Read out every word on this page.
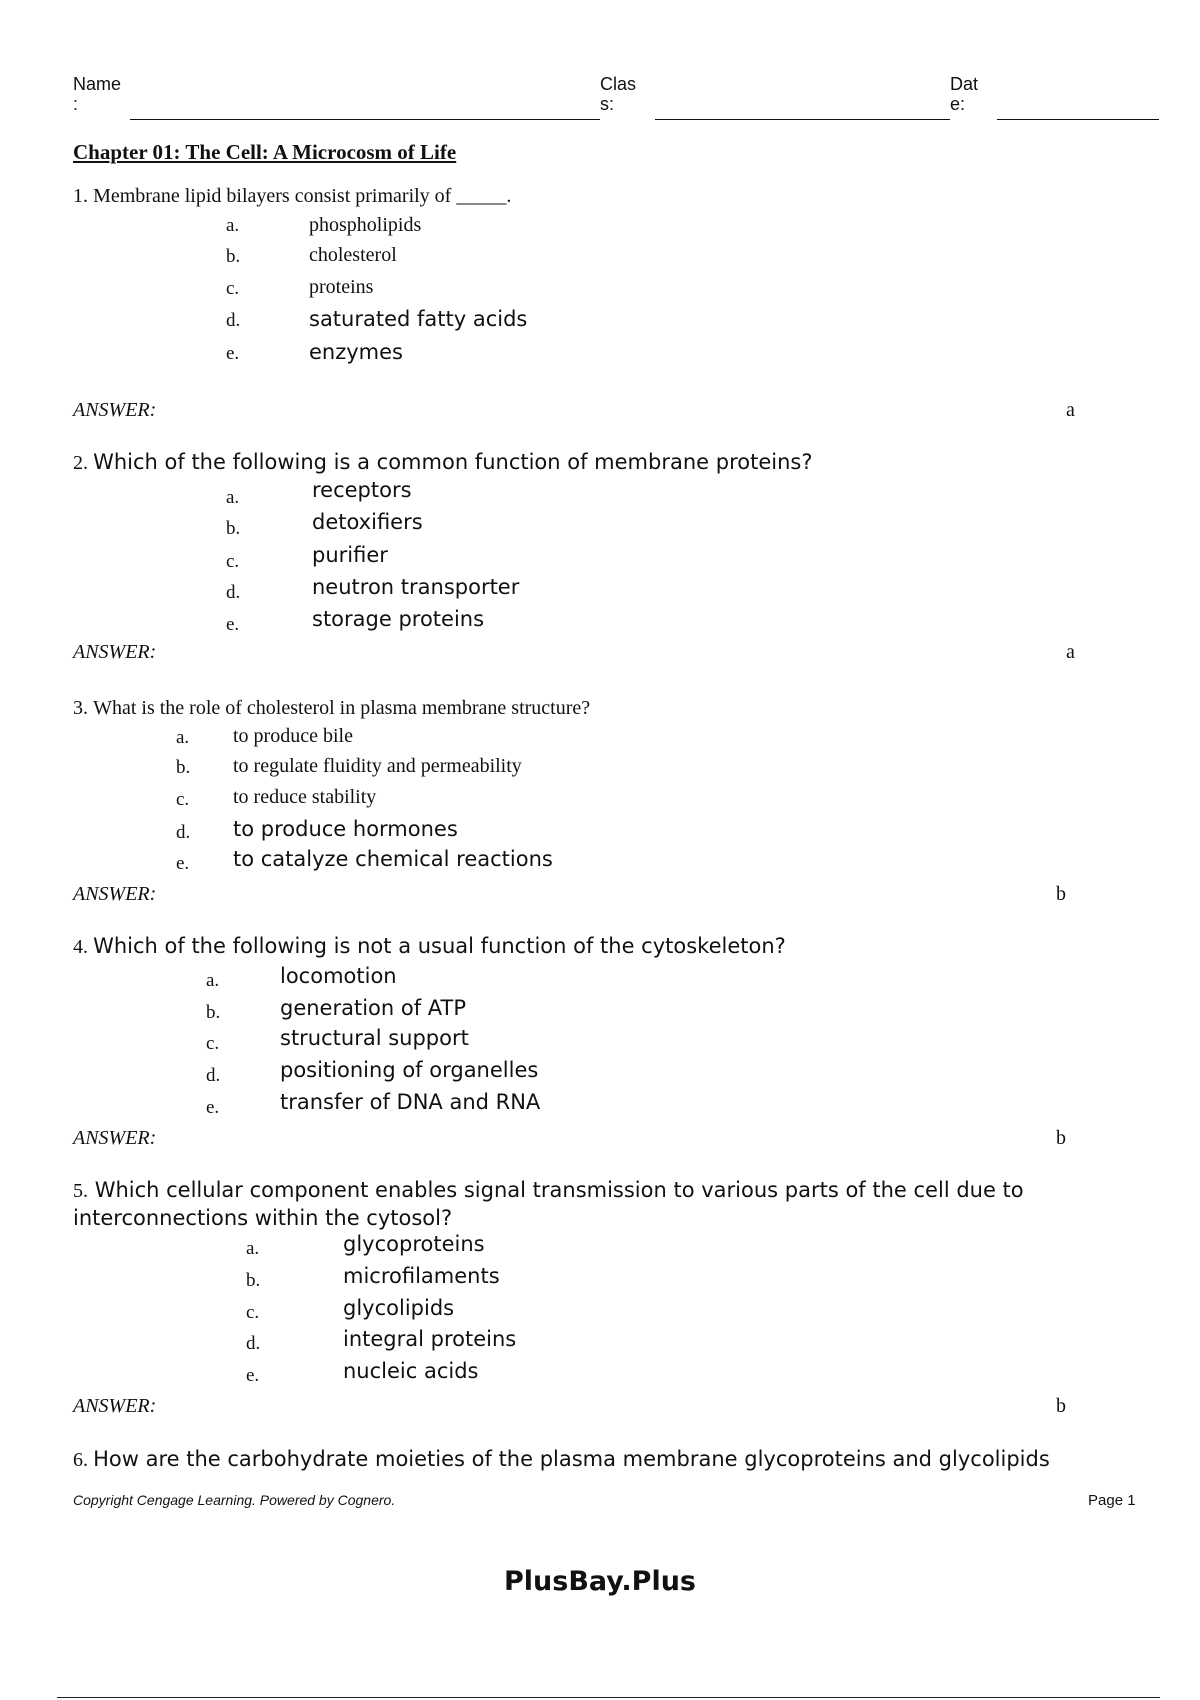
Name
:
Clas
s:
Dat
e:
Chapter 01: The Cell: A Microcosm of Life
1. Membrane lipid bilayers consist primarily of _____.
a.	phospholipids
b.	cholesterol
c.	proteins
d.	saturated fatty acids
e.	enzymes
ANSWER:	a
2. Which of the following is a common function of membrane proteins?
a.	receptors
b.	detoxifiers
c.	purifier
d.	neutron transporter
e.	storage proteins
ANSWER:	a
3. What is the role of cholesterol in plasma membrane structure?
a. to produce bile
b. to regulate fluidity and permeability
c. to reduce stability
d. to produce hormones
e. to catalyze chemical reactions
ANSWER:	b
4. Which of the following is not a usual function of the cytoskeleton?
a.	locomotion
b.	generation of ATP
c.	structural support
d.	positioning of organelles
e.	transfer of DNA and RNA
ANSWER:	b
5. Which cellular component enables signal transmission to various parts of the cell due to interconnections within the cytosol?
a.	glycoproteins
b.	microfilaments
c.	glycolipids
d.	integral proteins
e.	nucleic acids
ANSWER:	b
6. How are the carbohydrate moieties of the plasma membrane glycoproteins and glycolipids
Copyright Cengage Learning. Powered by Cognero.	Page 1
PlusBay.Plus
